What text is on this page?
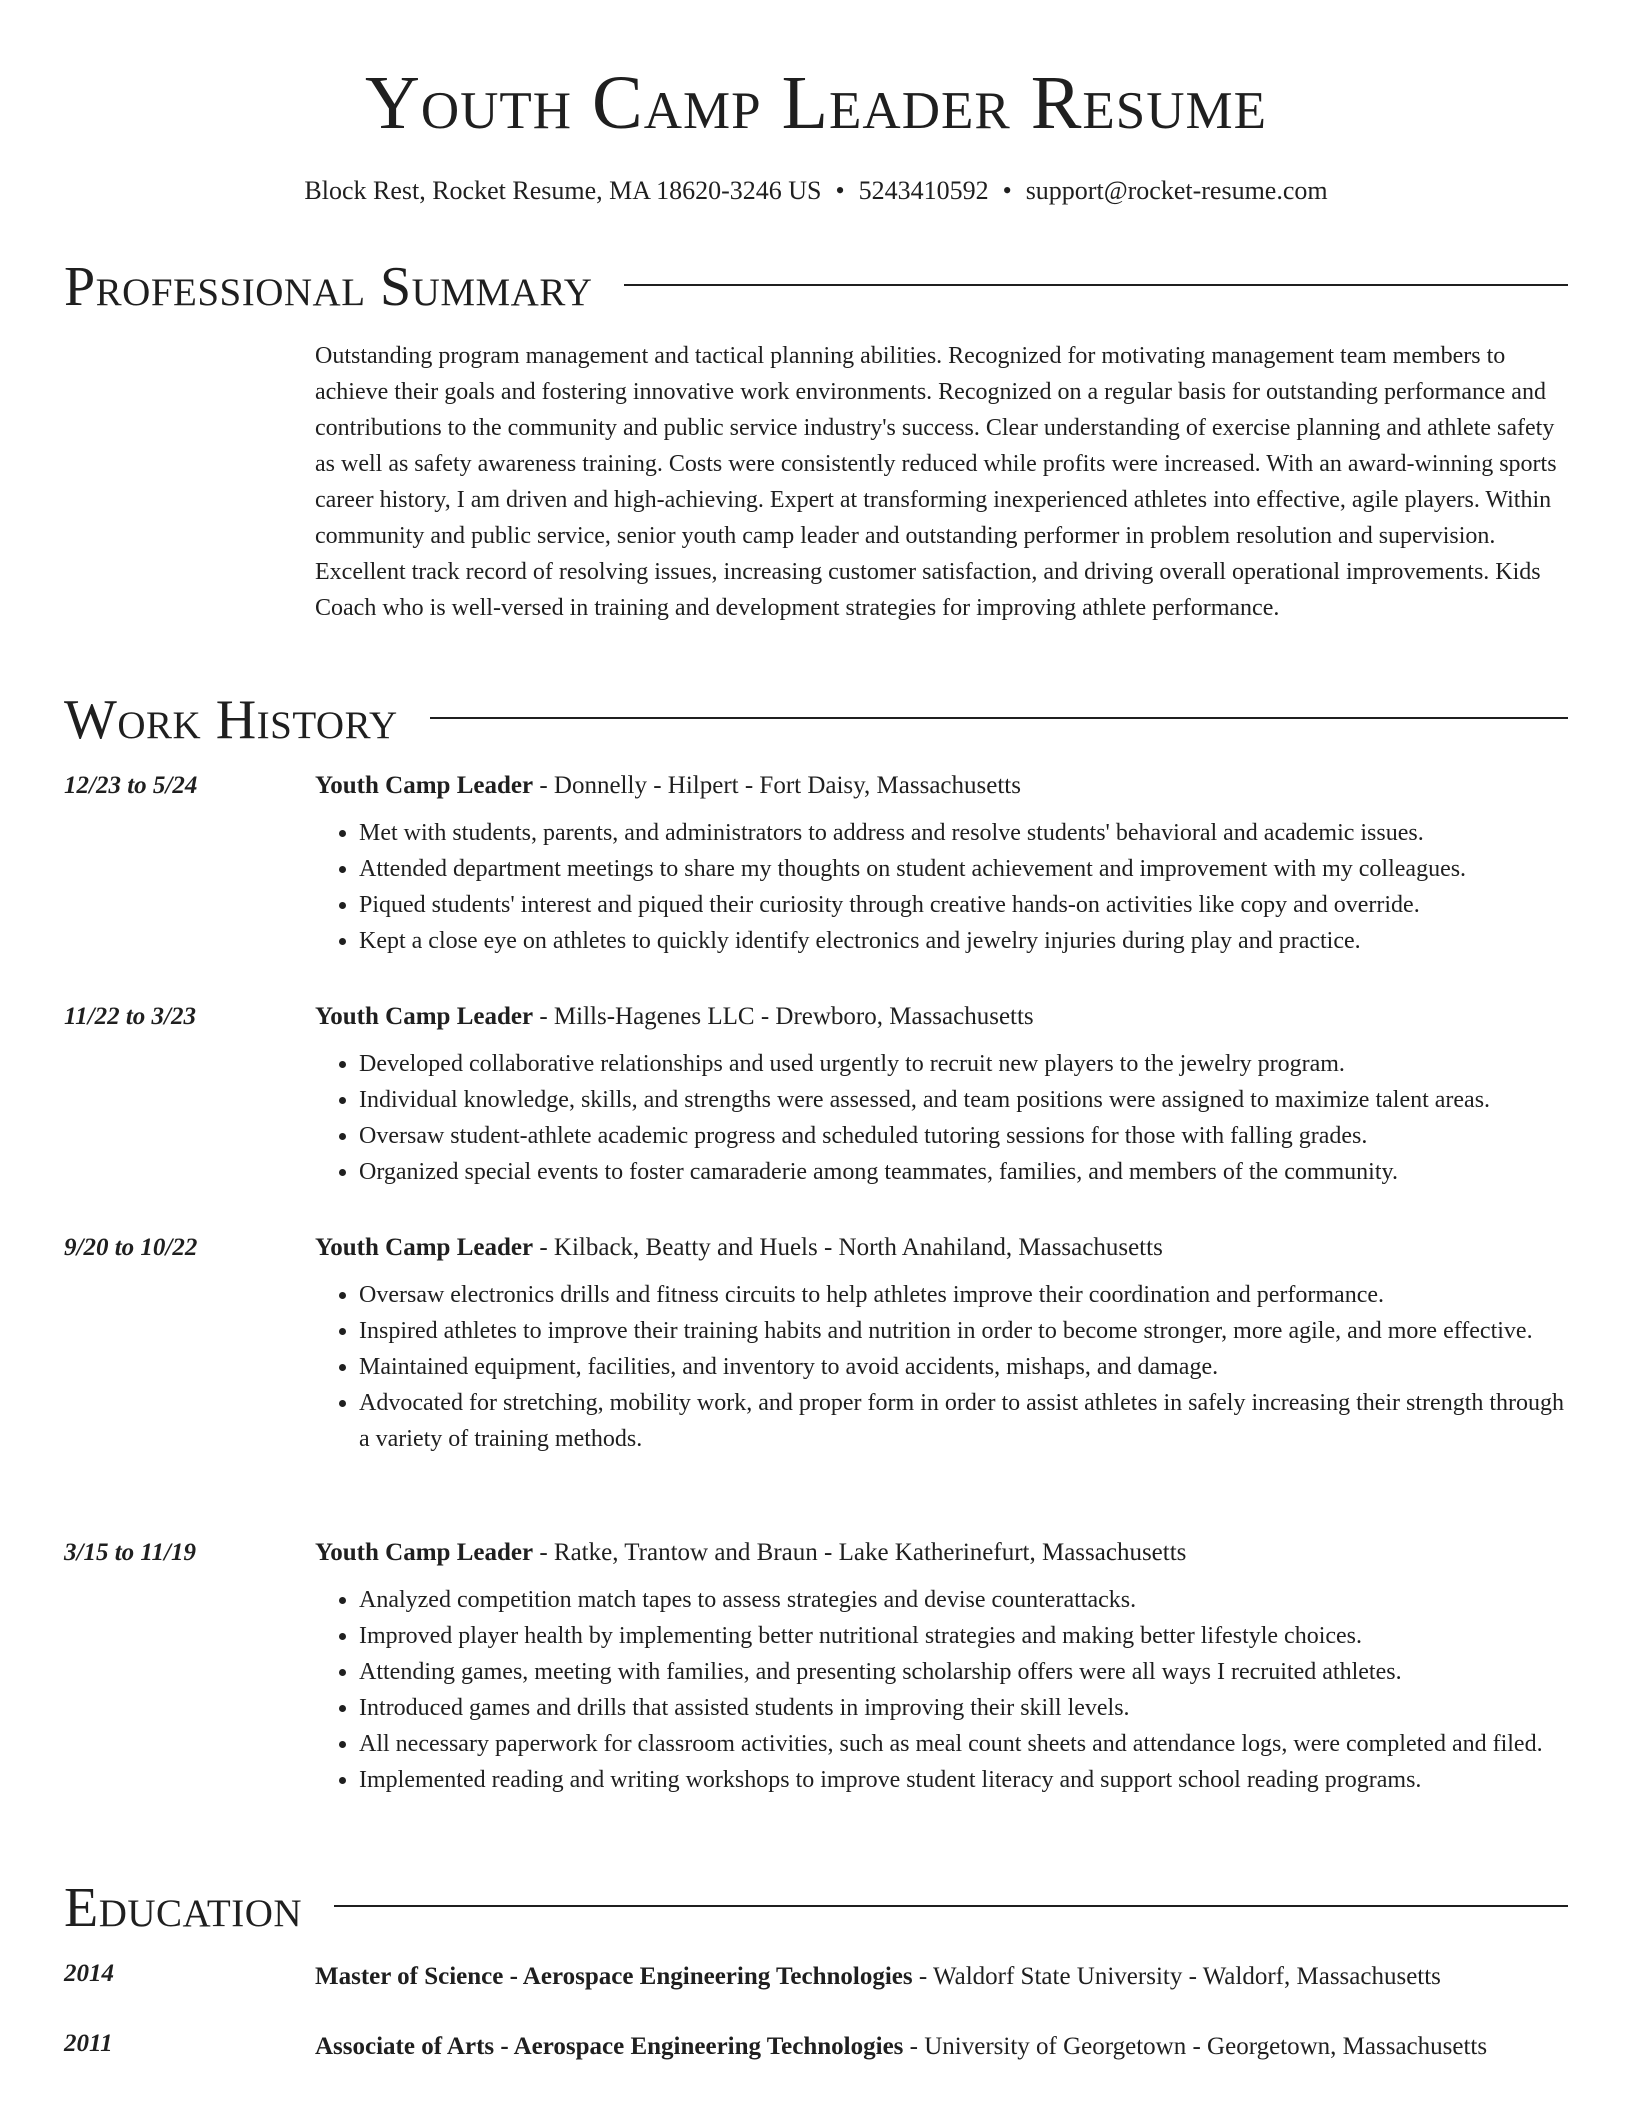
Youth Camp Leader Resume
Block Rest, Rocket Resume, MA 18620-3246 US • 5243410592 • support@rocket-resume.com
Professional Summary

Outstanding program management and tactical planning abilities. Recognized for motivating management team members to achieve their goals and fostering innovative work environments. Recognized on a regular basis for outstanding performance and contributions to the community and public service industry's success. Clear understanding of exercise planning and athlete safety as well as safety awareness training. Costs were consistently reduced while profits were increased. With an award-winning sports career history, I am driven and high-achieving. Expert at transforming inexperienced athletes into effective, agile players. Within community and public service, senior youth camp leader and outstanding performer in problem resolution and supervision. Excellent track record of resolving issues, increasing customer satisfaction, and driving overall operational improvements. Kids Coach who is well-versed in training and development strategies for improving athlete performance.

Work History
12/23 to 5/24	Youth Camp Leader - Donnelly - Hilpert - Fort Daisy, Massachusetts
• Met with students, parents, and administrators to address and resolve students' behavioral and academic issues.
• Attended department meetings to share my thoughts on student achievement and improvement with my colleagues.
• Piqued students' interest and piqued their curiosity through creative hands-on activities like copy and override.
• Kept a close eye on athletes to quickly identify electronics and jewelry injuries during play and practice.
11/22 to 3/23	Youth Camp Leader - Mills-Hagenes LLC - Drewboro, Massachusetts
• Developed collaborative relationships and used urgently to recruit new players to the jewelry program.
• Individual knowledge, skills, and strengths were assessed, and team positions were assigned to maximize talent areas.
• Oversaw student-athlete academic progress and scheduled tutoring sessions for those with falling grades.
• Organized special events to foster camaraderie among teammates, families, and members of the community.
9/20 to 10/22	Youth Camp Leader - Kilback, Beatty and Huels - North Anahiland, Massachusetts
• Oversaw electronics drills and fitness circuits to help athletes improve their coordination and performance.
• Inspired athletes to improve their training habits and nutrition in order to become stronger, more agile, and more effective.
• Maintained equipment, facilities, and inventory to avoid accidents, mishaps, and damage.
• Advocated for stretching, mobility work, and proper form in order to assist athletes in safely increasing their strength through a variety of training methods.
3/15 to 11/19	Youth Camp Leader - Ratke, Trantow and Braun - Lake Katherinefurt, Massachusetts
• Analyzed competition match tapes to assess strategies and devise counterattacks.
• Improved player health by implementing better nutritional strategies and making better lifestyle choices.
• Attending games, meeting with families, and presenting scholarship offers were all ways I recruited athletes.
• Introduced games and drills that assisted students in improving their skill levels.
• All necessary paperwork for classroom activities, such as meal count sheets and attendance logs, were completed and filed.
• Implemented reading and writing workshops to improve student literacy and support school reading programs.
Education
2014	Master of Science - Aerospace Engineering Technologies - Waldorf State University - Waldorf, Massachusetts
2011	Associate of Arts - Aerospace Engineering Technologies - University of Georgetown - Georgetown, Massachusetts
